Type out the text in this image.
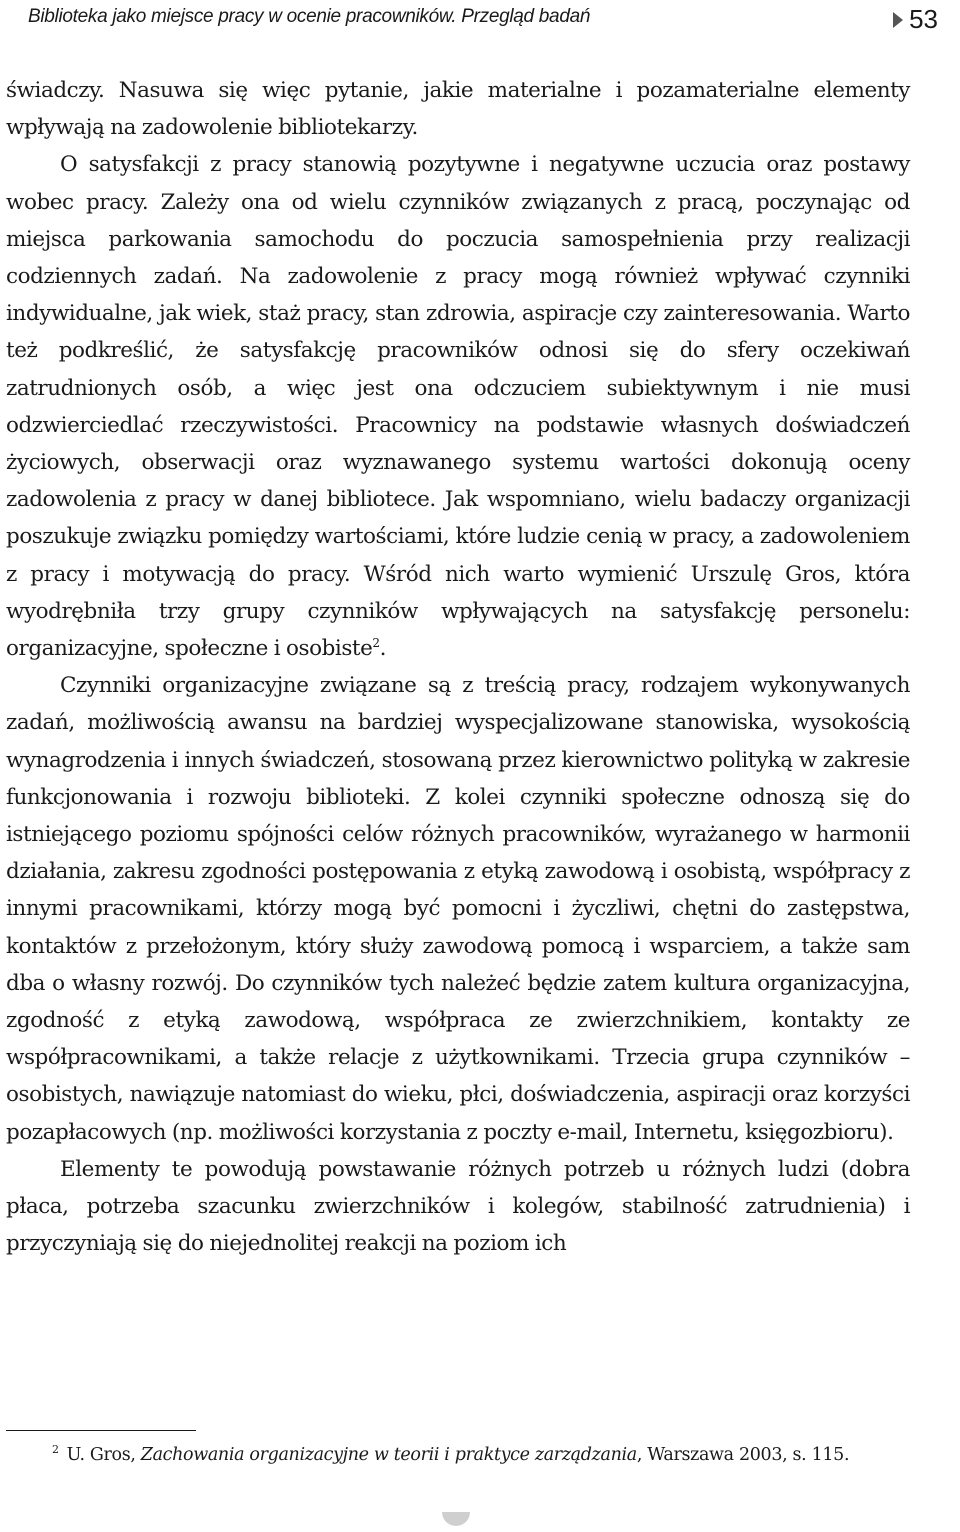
Biblioteka jako miejsce pracy w ocenie pracowników. Przegląd badań	53

świadczy. Nasuwa się więc pytanie, jakie materialne i pozamaterialne elementy wpływają na zadowolenie bibliotekarzy.

O satysfakcji z pracy stanowią pozytywne i negatywne uczucia oraz postawy wobec pracy. Zależy ona od wielu czynników związanych z pracą, poczynając od miejsca parkowania samochodu do poczucia samospełnienia przy realizacji codziennych zadań. Na zadowolenie z pracy mogą również wpływać czynniki indywidualne, jak wiek, staż pracy, stan zdrowia, aspiracje czy zainteresowania. Warto też podkreślić, że satysfakcję pracowników odnosi się do sfery oczekiwań zatrudnionych osób, a więc jest ona odczuciem subiektywnym i nie musi odzwierciedlać rzeczywistości. Pracownicy na podstawie własnych doświadczeń życiowych, obserwacji oraz wyznawanego systemu wartości dokonują oceny zadowolenia z pracy w danej bibliotece. Jak wspomniano, wielu badaczy organizacji poszukuje związku pomiędzy wartościami, które ludzie cenią w pracy, a zadowoleniem z pracy i motywacją do pracy. Wśród nich warto wymienić Urszulę Gros, która wyodrębniła trzy grupy czynników wpływających na satysfakcję personelu: organizacyjne, społeczne i osobiste$^2$.

Czynniki organizacyjne związane są z treścią pracy, rodzajem wykonywanych zadań, możliwością awansu na bardziej wyspecjalizowane stanowiska, wysokością wynagrodzenia i innych świadczeń, stosowaną przez kierownictwo polityką w zakresie funkcjonowania i rozwoju biblioteki. Z kolei czynniki społeczne odnoszą się do istniejącego poziomu spójności celów różnych pracowników, wyrażanego w harmonii działania, zakresu zgodności postępowania z etyką zawodową i osobistą, współpracy z innymi pracownikami, którzy mogą być pomocni i życzliwi, chętni do zastępstwa, kontaktów z przełożonym, który służy zawodową pomocą i wsparciem, a także sam dba o własny rozwój. Do czynników tych należeć będzie zatem kultura organizacyjna, zgodność z etyką zawodową, współpraca ze zwierzchnikiem, kontakty ze współpracownikami, a także relacje z użytkownikami. Trzecia grupa czynników – osobistych, nawiązuje natomiast do wieku, płci, doświadczenia, aspiracji oraz korzyści pozapłacowych (np. możliwości korzystania z poczty e-mail, Internetu, księgozbioru).

Elementy te powodują powstawanie różnych potrzeb u różnych ludzi (dobra płaca, potrzeba szacunku zwierzchników i kolegów, stabilność zatrudnienia) i przyczyniają się do niejednolitej reakcji na poziom ich

$^2$ U. Gros, Zachowania organizacyjne w teorii i praktyce zarządzania, Warszawa 2003, s. 115.
